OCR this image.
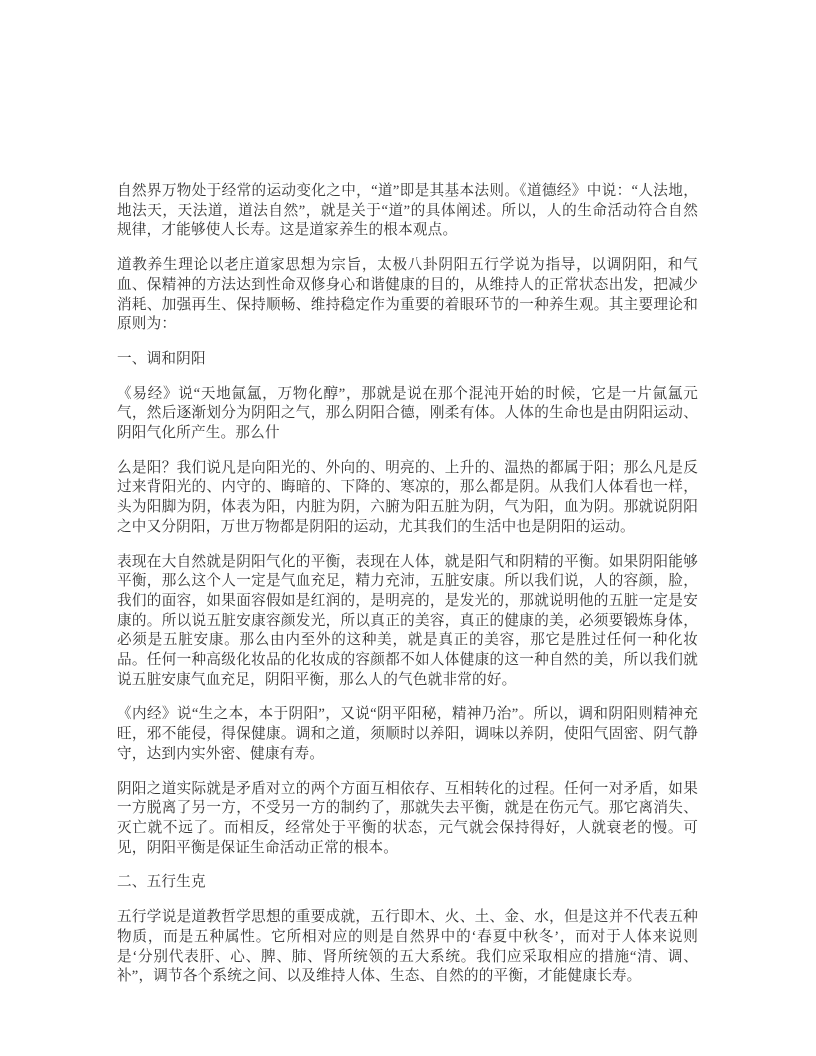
自然界万物处于经常的运动变化之中，“道”即是其基本法则。《道德经》中说：“人法地，地法天，天法道，道法自然”，就是关于“道”的具体阐述。所以，人的生命活动符合自然规律，才能够使人长寿。这是道家养生的根本观点。

道教养生理论以老庄道家思想为宗旨，太极八卦阴阳五行学说为指导，以调阴阳，和气血、保精神的方法达到性命双修身心和谐健康的目的，从维持人的正常状态出发，把减少消耗、加强再生、保持顺畅、维持稳定作为重要的着眼环节的一种养生观。其主要理论和原则为：

一、调和阴阳

《易经》说“天地氤氲，万物化醇”，那就是说在那个混沌开始的时候，它是一片氤氲元气，然后逐渐划分为阴阳之气，那么阴阳合德，刚柔有体。人体的生命也是由阴阳运动、阴阳气化所产生。那么什

么是阳？我们说凡是向阳光的、外向的、明亮的、上升的、温热的都属于阳；那么凡是反过来背阳光的、内守的、晦暗的、下降的、寒凉的，那么都是阴。从我们人体看也一样，头为阳脚为阴，体表为阳，内脏为阴，六腑为阳五脏为阴，气为阳，血为阴。那就说阴阳之中又分阴阳，万世万物都是阴阳的运动，尤其我们的生活中也是阴阳的运动。

表现在大自然就是阴阳气化的平衡，表现在人体，就是阳气和阴精的平衡。如果阴阳能够平衡，那么这个人一定是气血充足，精力充沛，五脏安康。所以我们说，人的容颜，脸，我们的面容，如果面容假如是红润的，是明亮的，是发光的，那就说明他的五脏一定是安康的。所以说五脏安康容颜发光，所以真正的美容，真正的健康的美，必须要锻炼身体，必须是五脏安康。那么由内至外的这种美，就是真正的美容，那它是胜过任何一种化妆品。任何一种高级化妆品的化妆成的容颜都不如人体健康的这一种自然的美，所以我们就说五脏安康气血充足，阴阳平衡，那么人的气色就非常的好。

《内经》说“生之本，本于阴阳”，又说“阴平阳秘，精神乃治”。所以，调和阴阳则精神充旺，邪不能侵，得保健康。调和之道，须顺时以养阳，调味以养阴，使阳气固密、阴气静守，达到内实外密、健康有寿。

阴阳之道实际就是矛盾对立的两个方面互相依存、互相转化的过程。任何一对矛盾，如果一方脱离了另一方，不受另一方的制约了，那就失去平衡，就是在伤元气。那它离消失、灭亡就不远了。而相反，经常处于平衡的状态，元气就会保持得好，人就衰老的慢。可见，阴阳平衡是保证生命活动正常的根本。

二、五行生克

五行学说是道教哲学思想的重要成就，五行即木、火、土、金、水，但是这并不代表五种物质，而是五种属性。它所相对应的则是自然界中的‘春夏中秋冬’，而对于人体来说则是‘分别代表肝、心、脾、肺、肾所统领的五大系统。我们应采取相应的措施“清、调、补”，调节各个系统之间、以及维持人体、生态、自然的的平衡，才能健康长寿。
